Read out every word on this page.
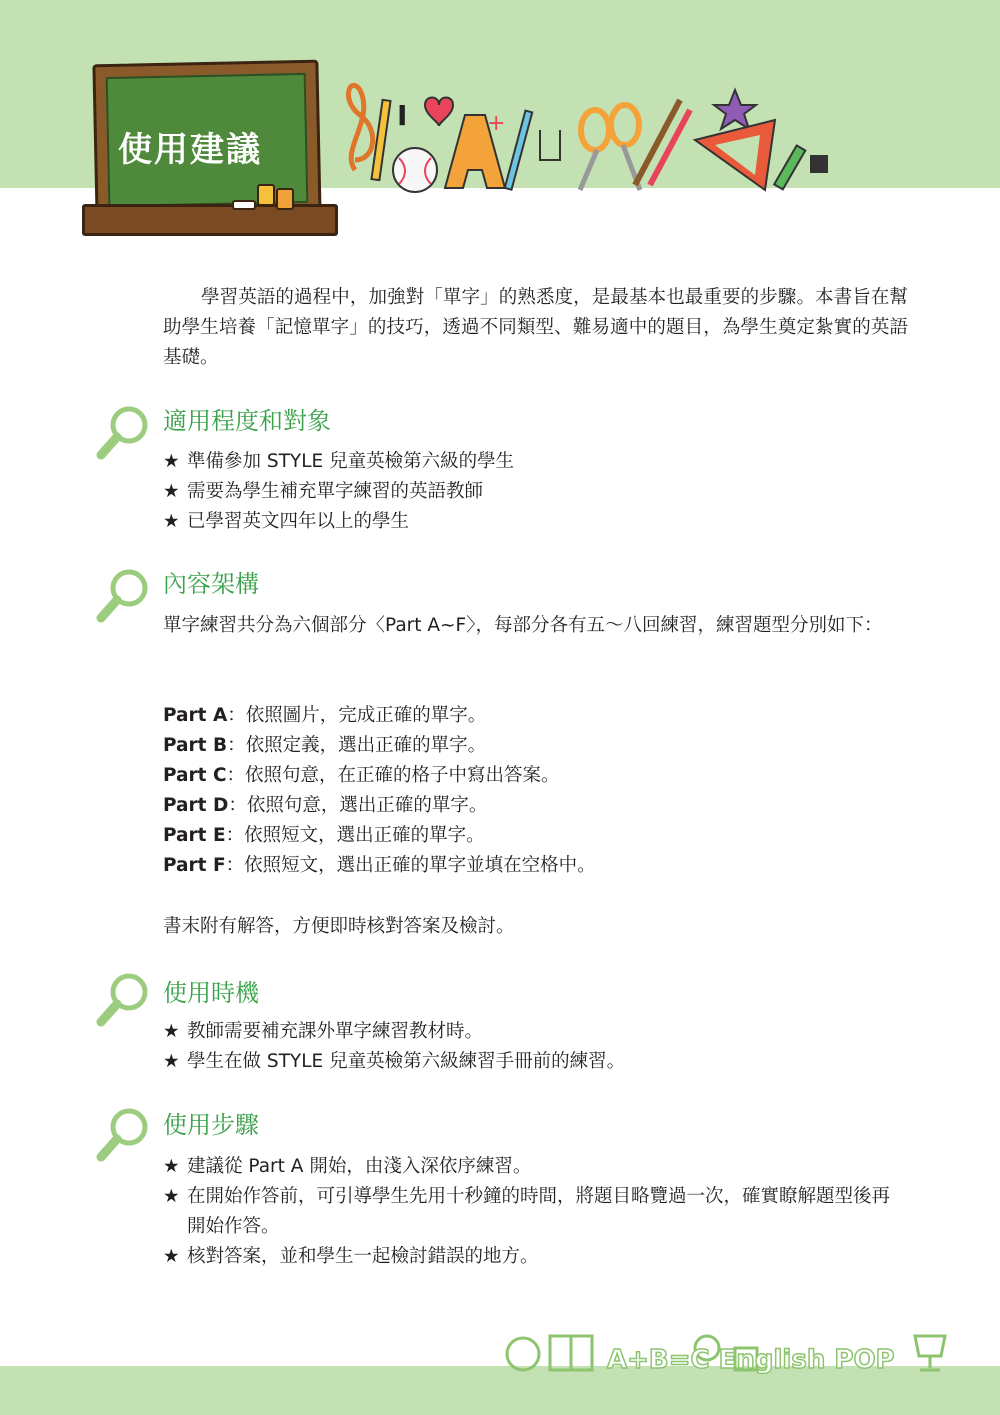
使用建議
I	+

學習英語的過程中，加強對「單字」的熟悉度，是最基本也最重要的步驟。本書旨在幫助學生培養「記憶單字」的技巧，透過不同類型、難易適中的題目，為學生奠定紮實的英語基礎。

適用程度和對象
★ 準備參加 STYLE 兒童英檢第六級的學生
★ 需要為學生補充單字練習的英語教師
★ 已學習英文四年以上的學生
內容架構
單字練習共分為六個部分〈Part A~F〉，每部分各有五～八回練習，練習題型分別如下：
Part A：依照圖片，完成正確的單字。
Part B：依照定義，選出正確的單字。
Part C：依照句意，在正確的格子中寫出答案。
Part D：依照句意，選出正確的單字。
Part E：依照短文，選出正確的單字。
Part F：依照短文，選出正確的單字並填在空格中。
書末附有解答，方便即時核對答案及檢討。
使用時機
★ 教師需要補充課外單字練習教材時。
★ 學生在做 STYLE 兒童英檢第六級練習手冊前的練習。
使用步驟
★ 建議從 Part A 開始，由淺入深依序練習。
★ 在開始作答前，可引導學生先用十秒鐘的時間，將題目略覽過一次，確實瞭解題型後再開始作答。
★ 核對答案，並和學生一起檢討錯誤的地方。
A+B=C English POP
